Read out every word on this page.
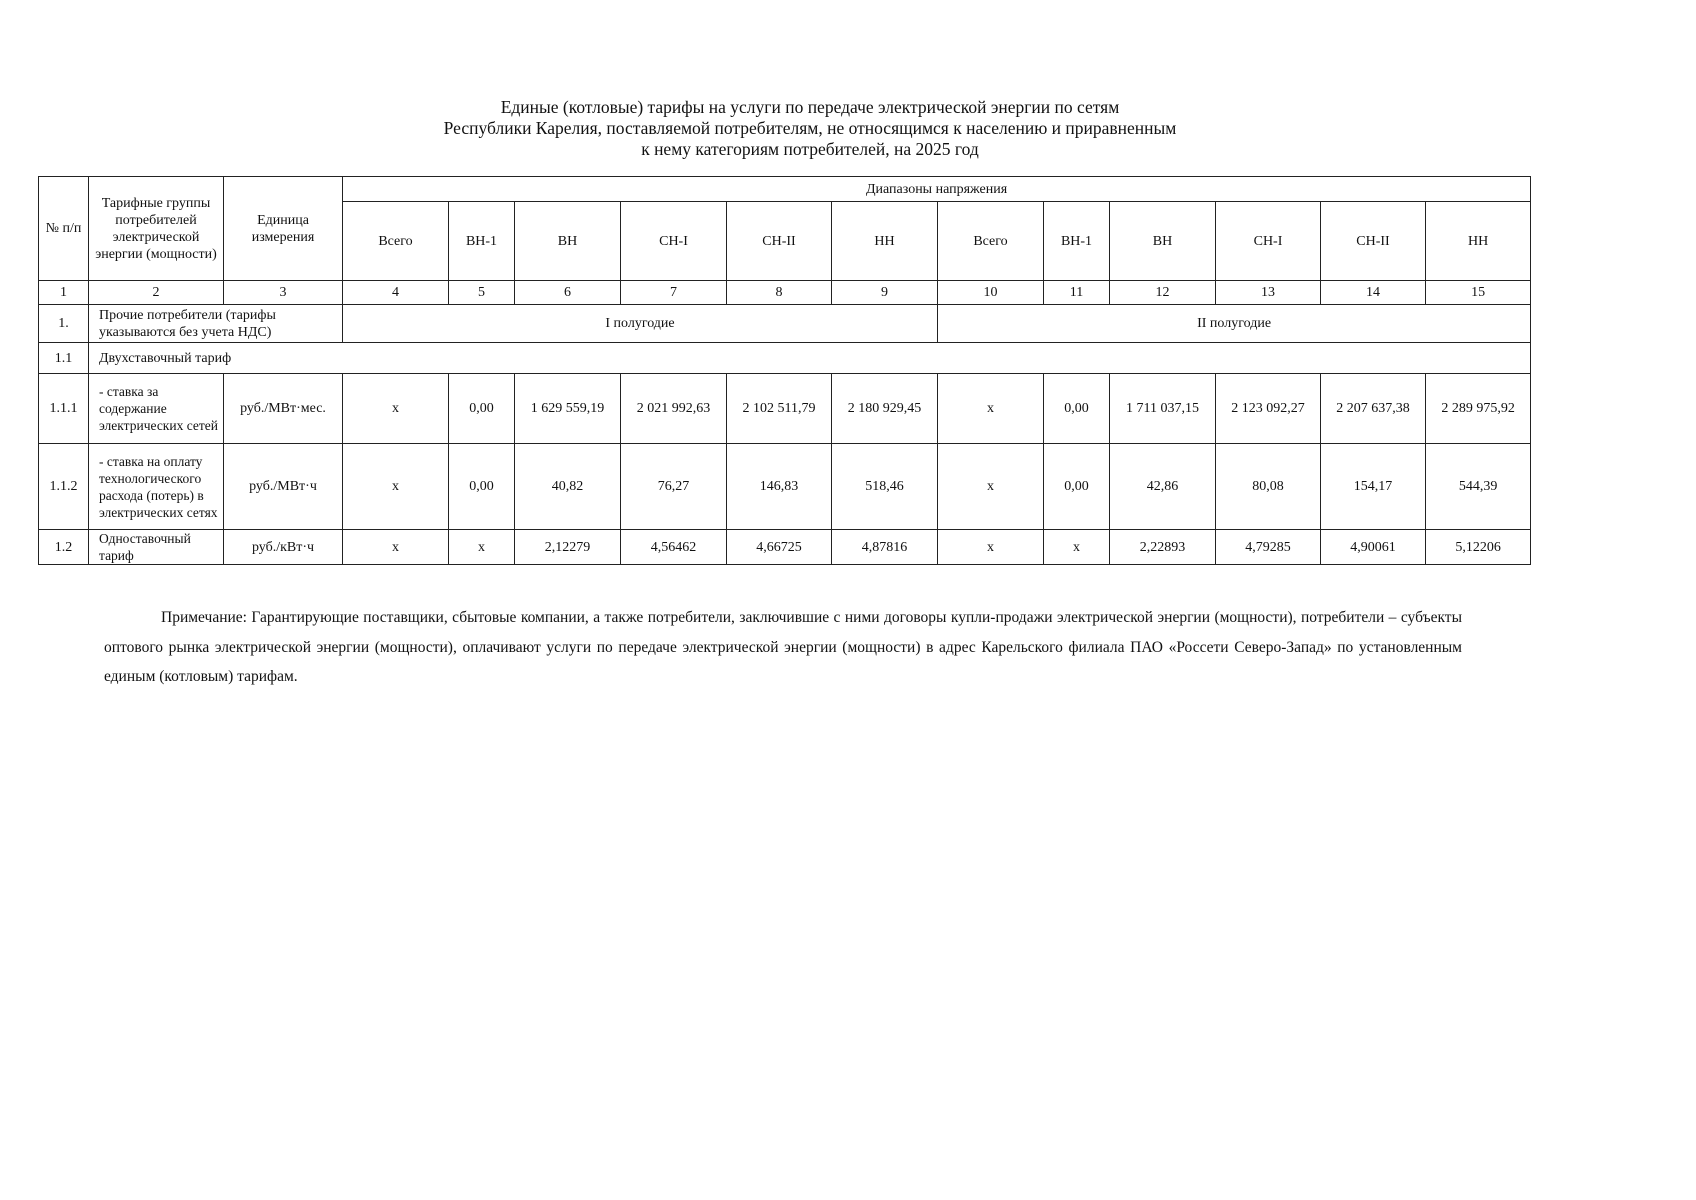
Единые (котловые) тарифы на услуги по передаче электрической энергии по сетям
Республики Карелия, поставляемой потребителям, не относящимся к населению и приравненным
к нему категориям потребителей, на 2025 год
№ п/п	Тарифные группы потребителей электрической энергии (мощности)	Единица измерения	Диапазоны напряжения											
			Всего	ВН-1	ВН	СН-I	СН-II	НН	Всего	ВН-1	ВН	СН-I	СН-II	НН
1	2	3	4	5	6	7	8	9	10	11	12	13	14	15
1.	Прочие потребители (тарифы указываются без учета НДС)		I полугодие						II полугодие					
1.1	Двухставочный тариф													
1.1.1	- ставка за содержание электрических сетей	руб./МВт·мес.	х	0,00	1 629 559,19	2 021 992,63	2 102 511,79	2 180 929,45	х	0,00	1 711 037,15	2 123 092,27	2 207 637,38	2 289 975,92
1.1.2	- ставка на оплату технологического расхода (потерь) в электрических сетях	руб./МВт·ч	х	0,00	40,82	76,27	146,83	518,46	х	0,00	42,86	80,08	154,17	544,39
1.2	Одноставочный тариф	руб./кВт·ч	х	х	2,12279	4,56462	4,66725	4,87816	х	х	2,22893	4,79285	4,90061	5,12206
Примечание: Гарантирующие поставщики, сбытовые компании, а также потребители, заключившие с ними договоры купли-продажи электрической энергии (мощности), потребители – субъекты оптового рынка электрической энергии (мощности), оплачивают услуги по передаче электрической энергии (мощности) в адрес Карельского филиала ПАО «Россети Северо-Запад» по установленным единым (котловым) тарифам.
